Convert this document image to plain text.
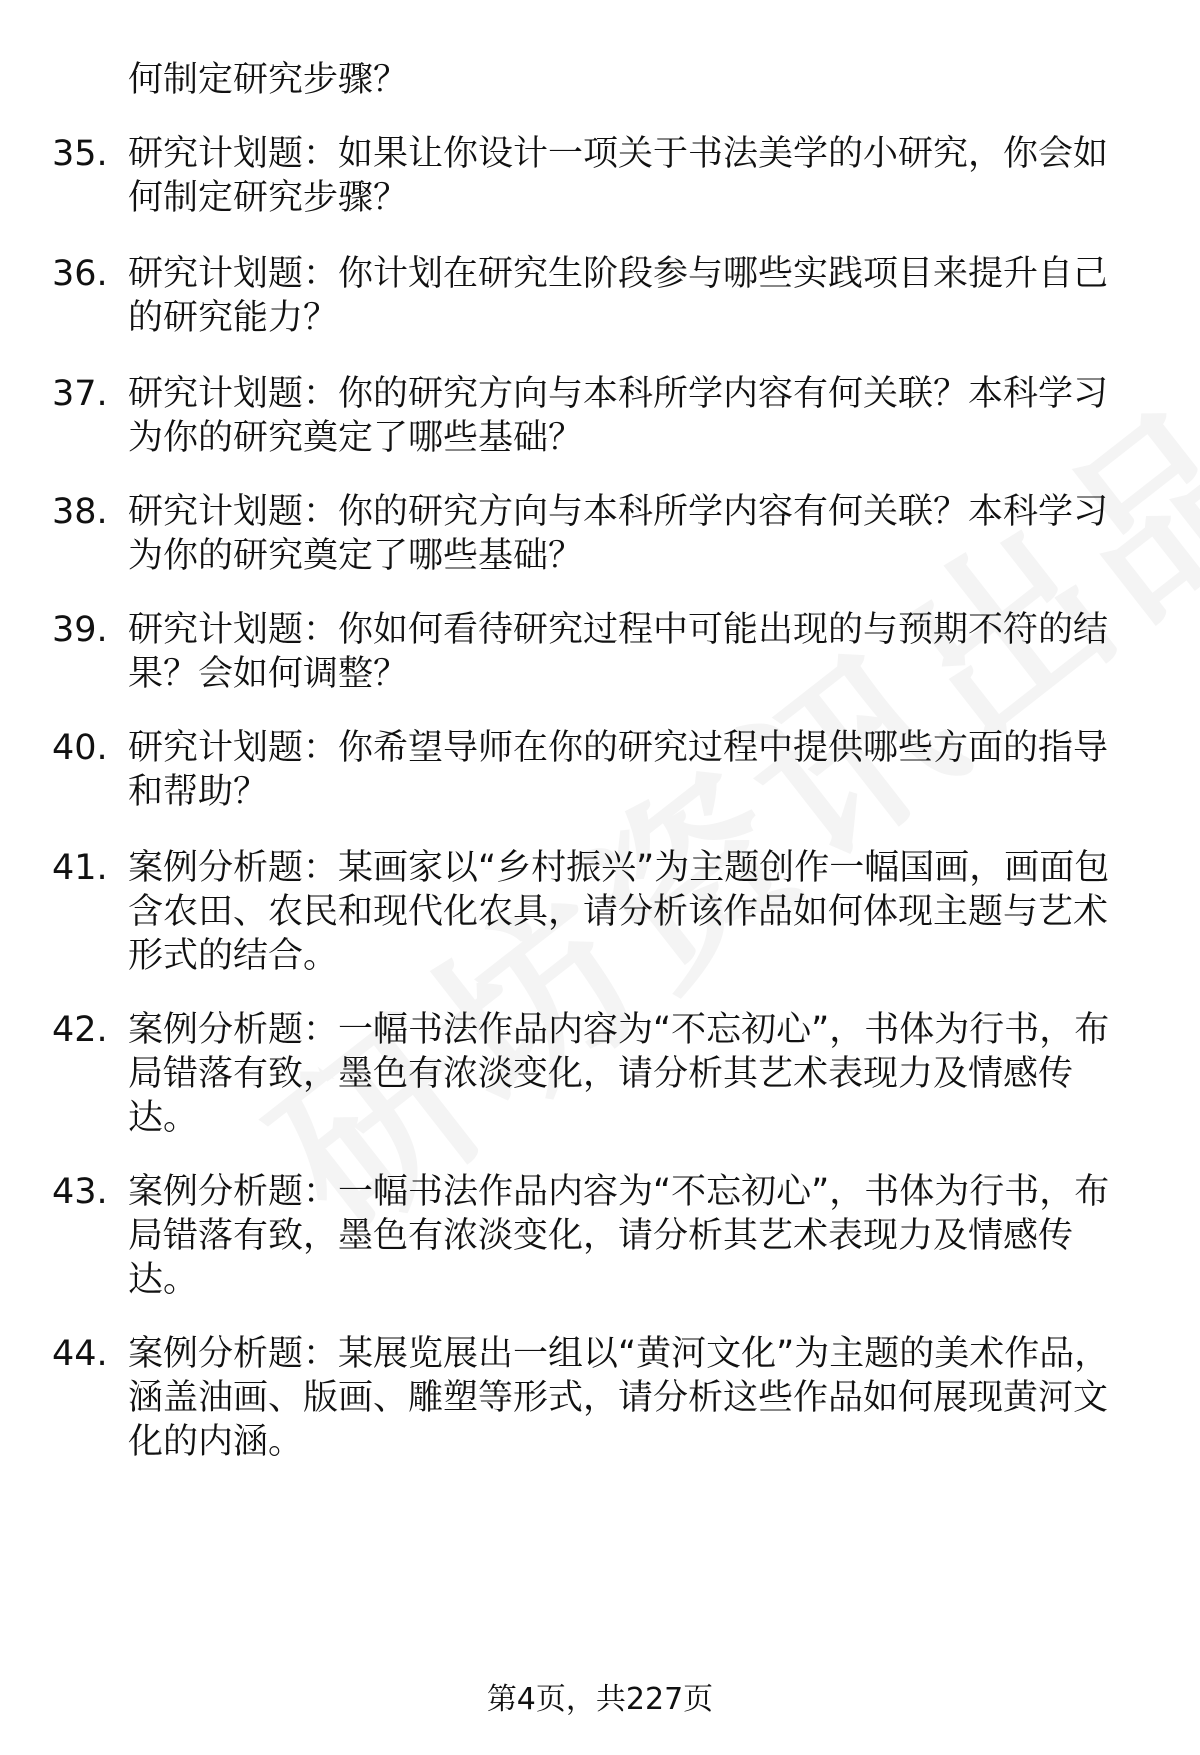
何制定研究步骤？
35. 研究计划题：如果让你设计一项关于书法美学的小研究，你会如何制定研究步骤？
36. 研究计划题：你计划在研究生阶段参与哪些实践项目来提升自己的研究能力？
37. 研究计划题：你的研究方向与本科所学内容有何关联？本科学习为你的研究奠定了哪些基础？
38. 研究计划题：你的研究方向与本科所学内容有何关联？本科学习为你的研究奠定了哪些基础？
39. 研究计划题：你如何看待研究过程中可能出现的与预期不符的结果？会如何调整？
40. 研究计划题：你希望导师在你的研究过程中提供哪些方面的指导和帮助？
41. 案例分析题：某画家以“乡村振兴”为主题创作一幅国画，画面包含农田、农民和现代化农具，请分析该作品如何体现主题与艺术形式的结合。
42. 案例分析题：一幅书法作品内容为“不忘初心”，书体为行书，布局错落有致，墨色有浓淡变化，请分析其艺术表现力及情感传达。
43. 案例分析题：一幅书法作品内容为“不忘初心”，书体为行书，布局错落有致，墨色有浓淡变化，请分析其艺术表现力及情感传达。
44. 案例分析题：某展览展出一组以“黄河文化”为主题的美术作品，涵盖油画、版画、雕塑等形式，请分析这些作品如何展现黄河文化的内涵。
第4页，共227页
